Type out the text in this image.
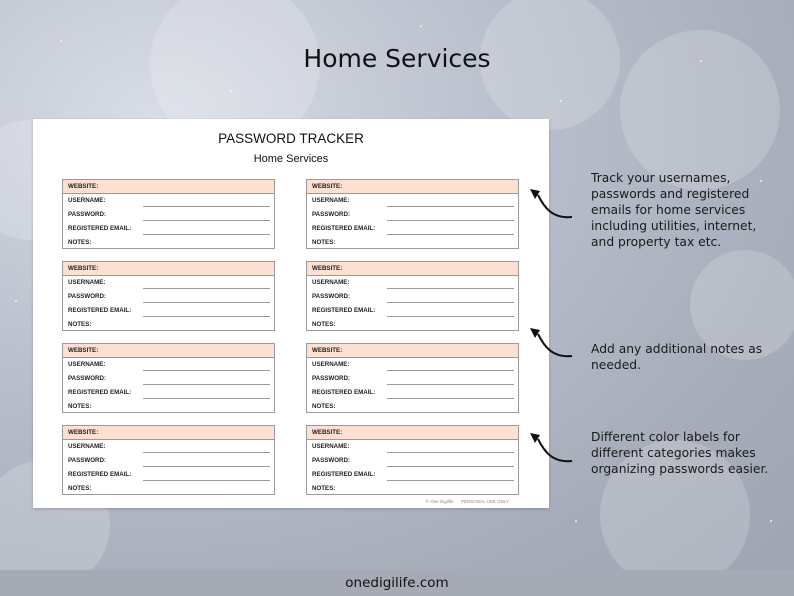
Home Services
PASSWORD TRACKER
Home Services
WEBSITE:
USERNAME:
PASSWORD:
REGISTERED EMAIL:
NOTES:
WEBSITE:
USERNAME:
PASSWORD:
REGISTERED EMAIL:
NOTES:
WEBSITE:
USERNAME:
PASSWORD:
REGISTERED EMAIL:
NOTES:
WEBSITE:
USERNAME:
PASSWORD:
REGISTERED EMAIL:
NOTES:
WEBSITE:
USERNAME:
PASSWORD:
REGISTERED EMAIL:
NOTES:
WEBSITE:
USERNAME:
PASSWORD:
REGISTERED EMAIL:
NOTES:
WEBSITE:
USERNAME:
PASSWORD:
REGISTERED EMAIL:
NOTES:
WEBSITE:
USERNAME:
PASSWORD:
REGISTERED EMAIL:
NOTES:
© One Digilife PERSONAL USE ONLY
Track your usernames, passwords and registered emails for home services including utilities, internet, and property tax etc.
Add any additional notes as needed.
Different color labels for different categories makes organizing passwords easier.
onedigilife.com
